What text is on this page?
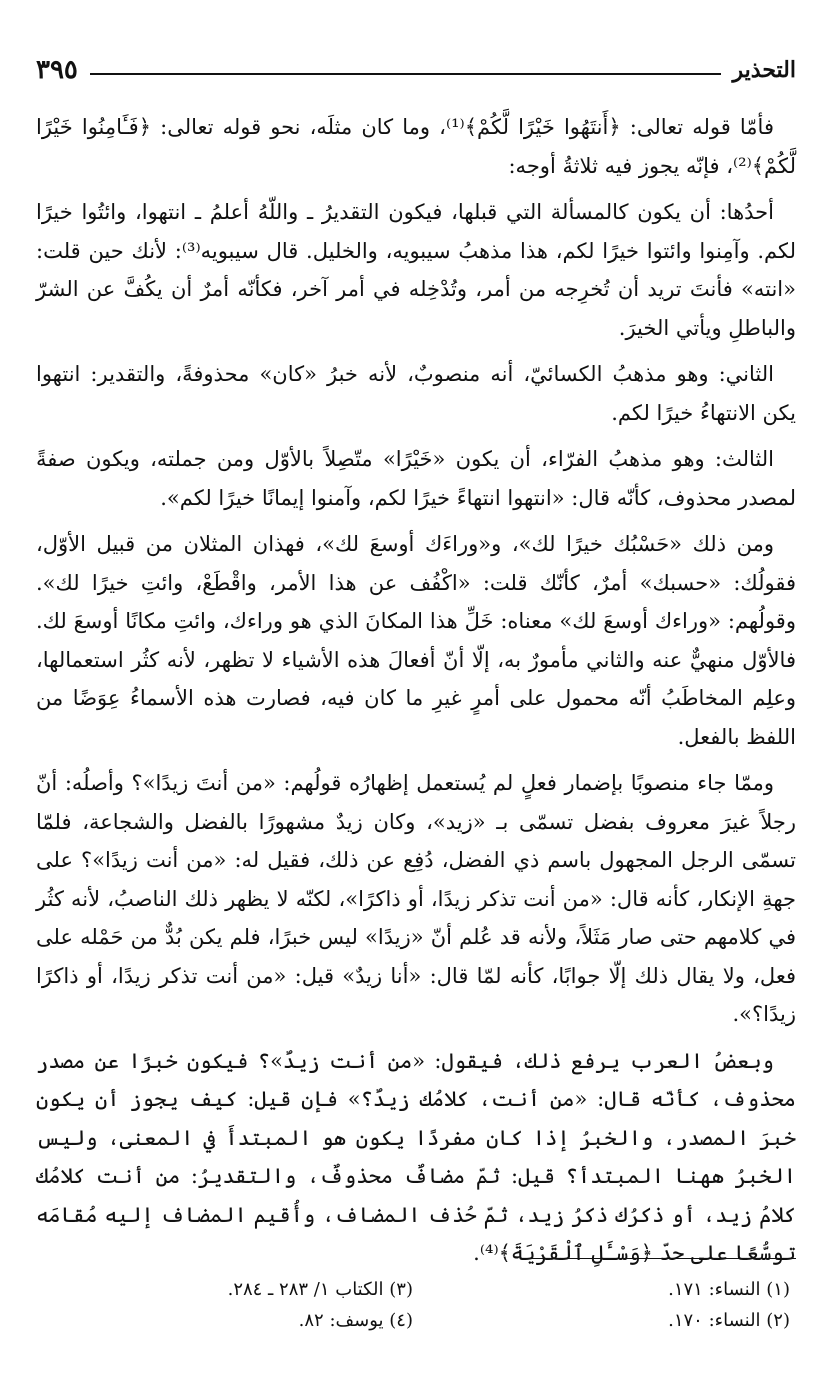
التحذير
٣٩٥

فأمّا قوله تعالى: ﴿أَنتَهُوا خَيْرًا لَّكُمْ﴾⁽¹⁾، وما كان مثلَه، نحو قوله تعالى: ﴿فَـَٔامِنُوا خَيْرًا لَّكُمْ﴾⁽²⁾، فإنّه يجوز فيه ثلاثةُ أوجه:

أحدُها: أن يكون كالمسألة التي قبلها، فيكون التقديرُ ـ واللّهُ أعلمُ ـ انتهوا، وائتُوا خيرًا لكم. وآمِنوا وائتوا خيرًا لكم، هذا مذهبُ سيبويه، والخليل. قال سيبويه⁽³⁾: لأنك حين قلت: «انته» فأنتَ تريد أن تُخرِجه من أمر، وتُدْخِله في أمر آخر، فكأنّه أمرٌ أن يكُفَّ عن الشرّ والباطلِ ويأتي الخيرَ.

الثاني: وهو مذهبُ الكسائيّ، أنه منصوبٌ، لأنه خبرُ «كان» محذوفةً، والتقدير: انتهوا يكن الانتهاءُ خيرًا لكم.

الثالث: وهو مذهبُ الفرّاء، أن يكون «خَيْرًا» متّصِلاً بالأوّل ومن جملته، ويكون صفةً لمصدر محذوف، كأنّه قال: «انتهوا انتهاءً خيرًا لكم، وآمنوا إيمانًا خيرًا لكم».

ومن ذلك «حَسْبُك خيرًا لك»، و«وراءَك أوسعَ لك»، فهذان المثلان من قبيل الأوّل، فقولُك: «حسبك» أمرٌ، كأنّك قلت: «اكْفُف عن هذا الأمر، واقْطَعْ، وائتِ خيرًا لك». وقولُهم: «وراءك أوسعَ لك» معناه: خَلِّ هذا المكانَ الذي هو وراءك، وائتِ مكانًا أوسعَ لك. فالأوّل منهيٌّ عنه والثاني مأمورٌ به، إلّا أنّ أفعالَ هذه الأشياء لا تظهر، لأنه كثُر استعمالها، وعلِم المخاطَبُ أنّه محمول على أمرٍ غيرِ ما كان فيه، فصارت هذه الأسماءُ عِوَضًا من اللفظ بالفعل.

وممّا جاء منصوبًا بإضمار فعلٍ لم يُستعمل إظهارُه قولُهم: «من أنتَ زيدًا»؟ وأصلُه: أنّ رجلاً غيرَ معروف بفضل تسمّى بـ «زيد»، وكان زيدٌ مشهورًا بالفضل والشجاعة، فلمّا تسمّى الرجل المجهول باسم ذي الفضل، دُفِع عن ذلك، فقيل له: «من أنت زيدًا»؟ على جهةِ الإنكار، كأنه قال: «من أنت تذكر زيدًا، أو ذاكرًا»، لكنّه لا يظهر ذلك الناصبُ، لأنه كثُر في كلامهم حتى صار مَثَلاً، ولأنه قد عُلم أنّ «زيدًا» ليس خبرًا، فلم يكن بُدٌّ من حَمْله على فعل، ولا يقال ذلك إلّا جوابًا، كأنه لمّا قال: «أنا زيدٌ» قيل: «من أنت تذكر زيدًا، أو ذاكرًا زيدًا؟».

وبعضُ العرب يرفع ذلك، فيقول: «من أنت زيدٌ»؟ فيكون خبرًا عن مصدر محذوف، كأنّه قال: «من أنت، كلامُك زيدٌ؟» فإن قيل: كيف يجوز أن يكون خبرَ المصدر، والخبرُ إذا كان مفردًا يكون هو المبتدأَ في المعنى، وليس الخبرُ ههنا المبتدأ؟ قيل: ثمّ مضافٌ محذوفٌ، والتقديرُ: من أنت كلامُك كلامُ زيد، أو ذكرُك ذكرُ زيد، ثمّ حُذف المضاف، وأُقيم المضاف إليه مُقامَه توسُّعًا على حدّ ﴿وَسْـَٔلِ ٱلْقَرْيَةَ﴾⁽⁴⁾.

(١) النساء: ١٧١.
(٣) الكتاب ١/ ٢٨٣ ـ ٢٨٤.
(٢) النساء: ١٧٠.
(٤) يوسف: ٨٢.
